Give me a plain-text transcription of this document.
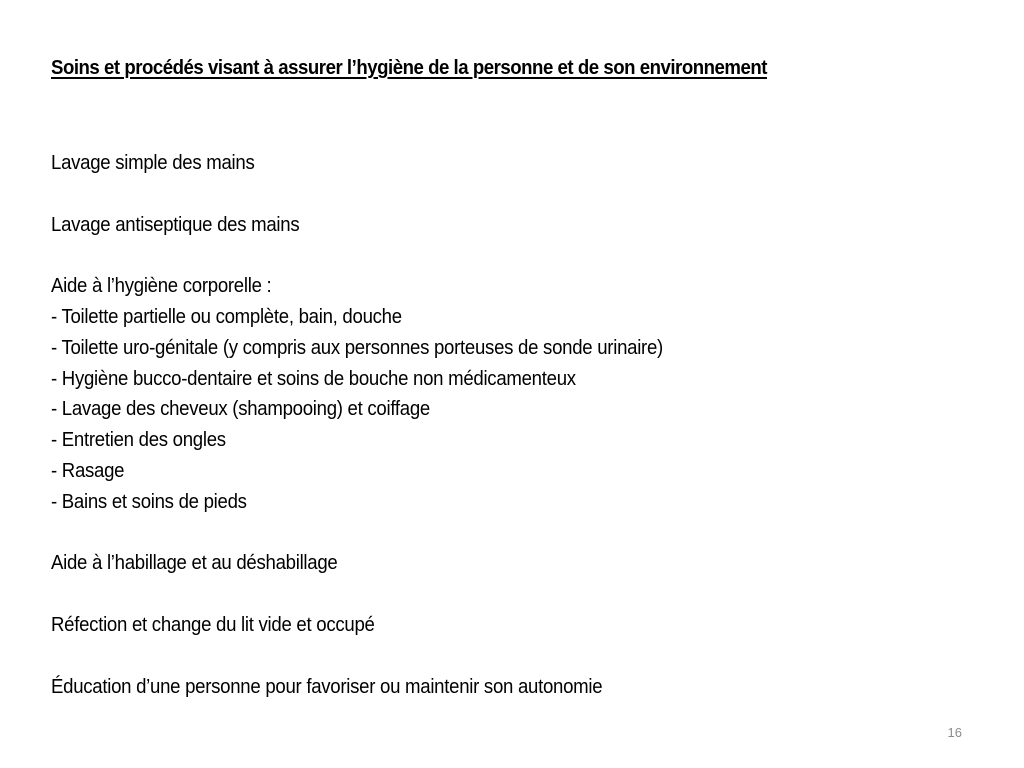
Soins et procédés visant à assurer l’hygiène de la personne et de son environnement
Lavage simple des mains
Lavage antiseptique des mains
Aide à l’hygiène corporelle :
- Toilette partielle ou complète, bain, douche
- Toilette uro-génitale (y compris aux personnes porteuses de sonde urinaire)
- Hygiène bucco-dentaire et soins de bouche non médicamenteux
- Lavage des cheveux (shampooing) et coiffage
- Entretien des ongles
- Rasage
- Bains et soins de pieds
Aide à l’habillage et au déshabillage
Réfection et change du lit vide et occupé
Éducation d’une personne pour favoriser ou maintenir son autonomie
16
